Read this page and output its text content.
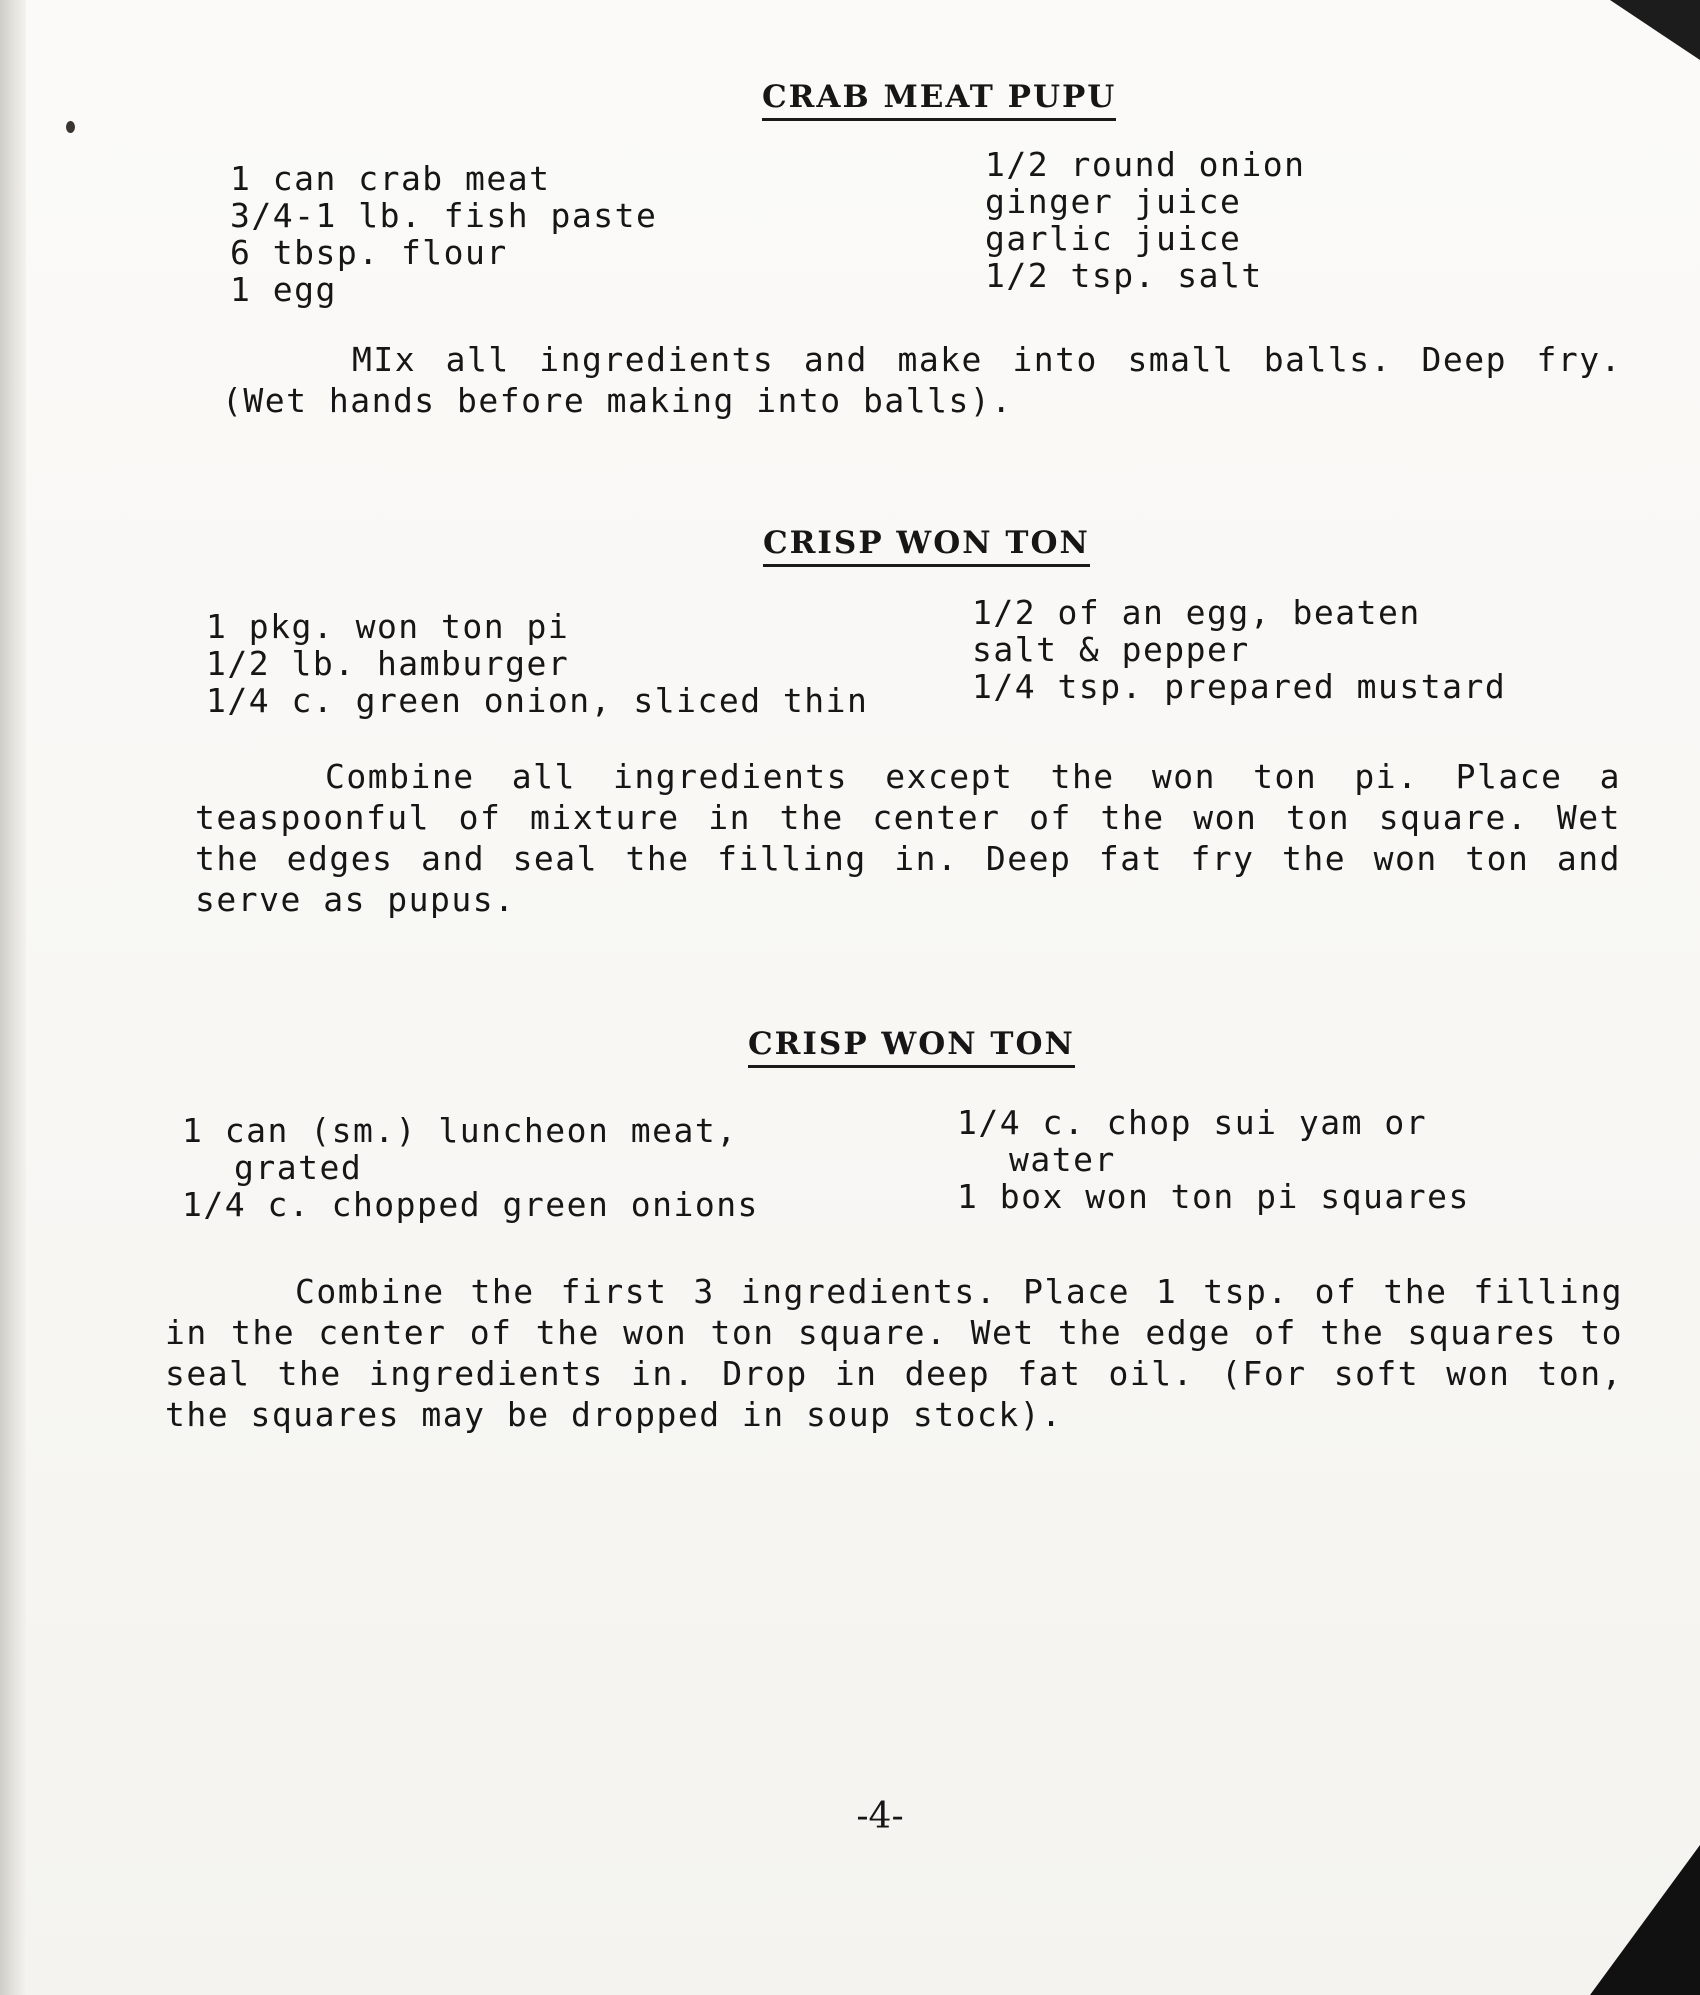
CRAB MEAT PUPU
1 can crab meat
3/4-1 lb. fish paste
6 tbsp. flour
1 egg
1/2 round onion
ginger juice
garlic juice
1/2 tsp. salt

MIx all ingredients and make into small balls. Deep fry. (Wet hands before making into balls).

CRISP WON TON
1 pkg. won ton pi
1/2 lb. hamburger
1/4 c. green onion, sliced thin
1/2 of an egg, beaten
salt & pepper
1/4 tsp. prepared mustard

Combine all ingredients except the won ton pi. Place a teaspoonful of mixture in the center of the won ton square. Wet the edges and seal the filling in. Deep fat fry the won ton and serve as pupus.

CRISP WON TON
1 can (sm.) luncheon meat,
grated
1/4 c. chopped green onions
1/4 c. chop sui yam or
water
1 box won ton pi squares

Combine the first 3 ingredients. Place 1 tsp. of the filling in the center of the won ton square. Wet the edge of the squares to seal the ingredients in. Drop in deep fat oil. (For soft won ton, the squares may be dropped in soup stock).

-4-
